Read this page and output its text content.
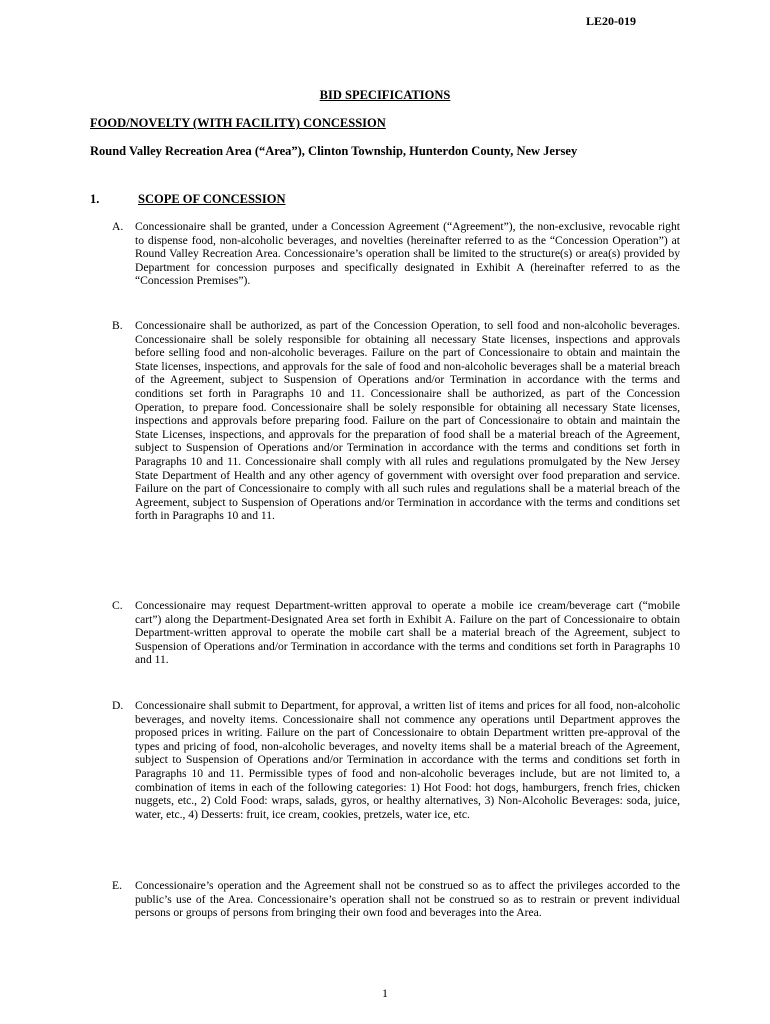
LE20-019
BID SPECIFICATIONS
FOOD/NOVELTY (WITH FACILITY) CONCESSION
Round Valley Recreation Area (“Area”), Clinton Township, Hunterdon County, New Jersey
1.	SCOPE OF CONCESSION
A. Concessionaire shall be granted, under a Concession Agreement (“Agreement”), the non-exclusive, revocable right to dispense food, non-alcoholic beverages, and novelties (hereinafter referred to as the “Concession Operation”) at Round Valley Recreation Area. Concessionaire’s operation shall be limited to the structure(s) or area(s) provided by Department for concession purposes and specifically designated in Exhibit A (hereinafter referred to as the “Concession Premises”).
B. Concessionaire shall be authorized, as part of the Concession Operation, to sell food and non-alcoholic beverages. Concessionaire shall be solely responsible for obtaining all necessary State licenses, inspections and approvals before selling food and non-alcoholic beverages. Failure on the part of Concessionaire to obtain and maintain the State licenses, inspections, and approvals for the sale of food and non-alcoholic beverages shall be a material breach of the Agreement, subject to Suspension of Operations and/or Termination in accordance with the terms and conditions set forth in Paragraphs 10 and 11. Concessionaire shall be authorized, as part of the Concession Operation, to prepare food. Concessionaire shall be solely responsible for obtaining all necessary State licenses, inspections and approvals before preparing food. Failure on the part of Concessionaire to obtain and maintain the State Licenses, inspections, and approvals for the preparation of food shall be a material breach of the Agreement, subject to Suspension of Operations and/or Termination in accordance with the terms and conditions set forth in Paragraphs 10 and 11. Concessionaire shall comply with all rules and regulations promulgated by the New Jersey State Department of Health and any other agency of government with oversight over food preparation and service. Failure on the part of Concessionaire to comply with all such rules and regulations shall be a material breach of the Agreement, subject to Suspension of Operations and/or Termination in accordance with the terms and conditions set forth in Paragraphs 10 and 11.
C. Concessionaire may request Department-written approval to operate a mobile ice cream/beverage cart (“mobile cart”) along the Department-Designated Area set forth in Exhibit A. Failure on the part of Concessionaire to obtain Department-written approval to operate the mobile cart shall be a material breach of the Agreement, subject to Suspension of Operations and/or Termination in accordance with the terms and conditions set forth in Paragraphs 10 and 11.
D. Concessionaire shall submit to Department, for approval, a written list of items and prices for all food, non-alcoholic beverages, and novelty items. Concessionaire shall not commence any operations until Department approves the proposed prices in writing. Failure on the part of Concessionaire to obtain Department written pre-approval of the types and pricing of food, non-alcoholic beverages, and novelty items shall be a material breach of the Agreement, subject to Suspension of Operations and/or Termination in accordance with the terms and conditions set forth in Paragraphs 10 and 11. Permissible types of food and non-alcoholic beverages include, but are not limited to, a combination of items in each of the following categories: 1) Hot Food: hot dogs, hamburgers, french fries, chicken nuggets, etc., 2) Cold Food: wraps, salads, gyros, or healthy alternatives, 3) Non-Alcoholic Beverages: soda, juice, water, etc., 4) Desserts: fruit, ice cream, cookies, pretzels, water ice, etc.
E. Concessionaire’s operation and the Agreement shall not be construed so as to affect the privileges accorded to the public’s use of the Area. Concessionaire’s operation shall not be construed so as to restrain or prevent individual persons or groups of persons from bringing their own food and beverages into the Area.
1
